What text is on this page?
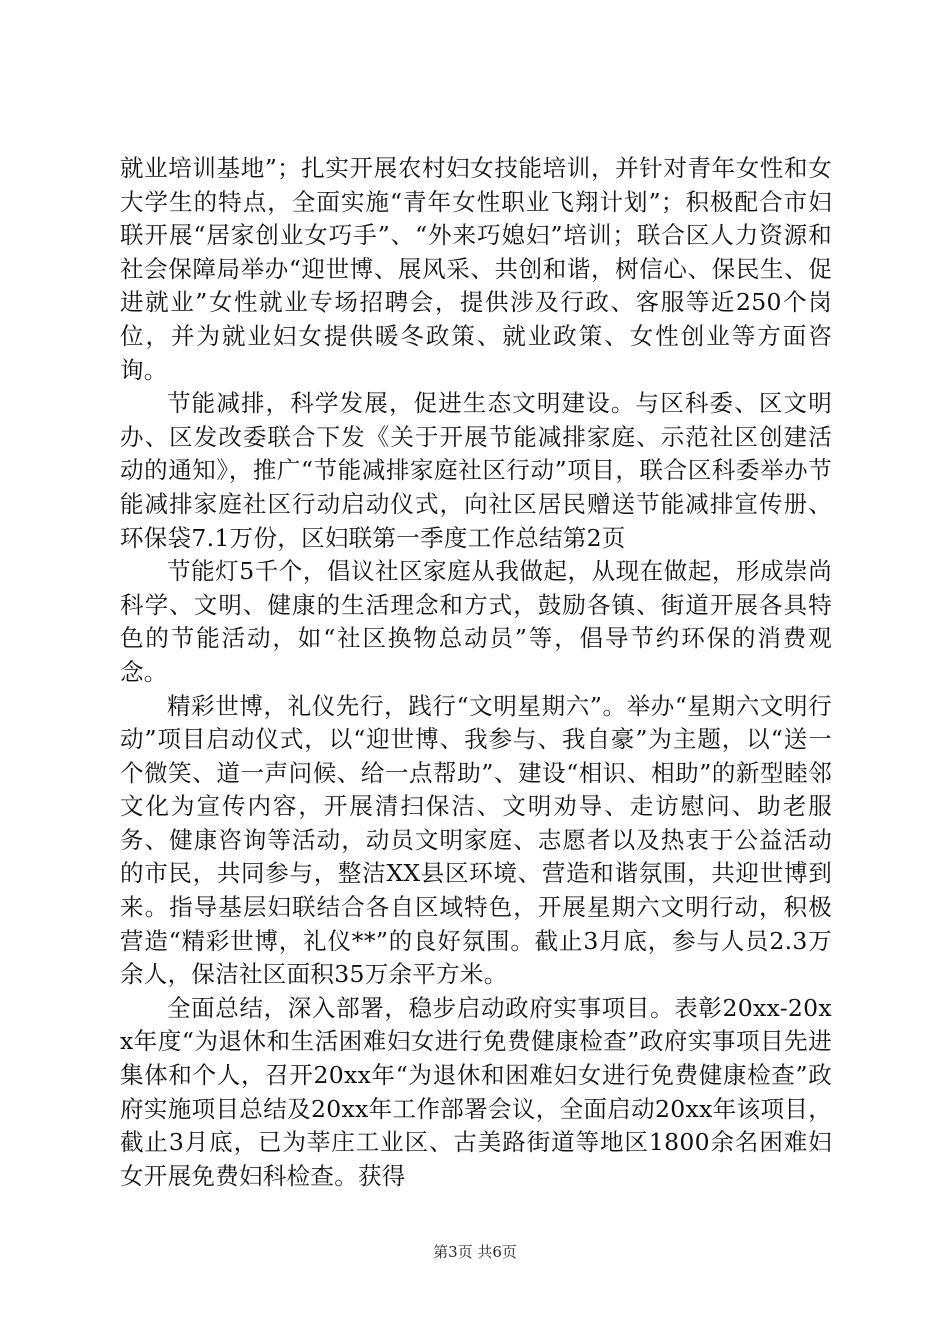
就业培训基地”；扎实开展农村妇女技能培训，并针对青年女性和女大学生的特点，全面实施“青年女性职业飞翔计划”；积极配合市妇联开展“居家创业女巧手”、“外来巧媳妇”培训；联合区人力资源和社会保障局举办“迎世博、展风采、共创和谐，树信心、保民生、促进就业”女性就业专场招聘会，提供涉及行政、客服等近250个岗位，并为就业妇女提供暖冬政策、就业政策、女性创业等方面咨询。

节能减排，科学发展，促进生态文明建设。与区科委、区文明办、区发改委联合下发《关于开展节能减排家庭、示范社区创建活动的通知》，推广“节能减排家庭社区行动”项目，联合区科委举办节能减排家庭社区行动启动仪式，向社区居民赠送节能减排宣传册、环保袋7.1万份，区妇联第一季度工作总结第2页

节能灯5千个，倡议社区家庭从我做起，从现在做起，形成崇尚科学、文明、健康的生活理念和方式，鼓励各镇、街道开展各具特色的节能活动，如“社区换物总动员”等，倡导节约环保的消费观念。

精彩世博，礼仪先行，践行“文明星期六”。举办“星期六文明行动”项目启动仪式，以“迎世博、我参与、我自豪”为主题，以“送一个微笑、道一声问候、给一点帮助”、建设“相识、相助”的新型睦邻文化为宣传内容，开展清扫保洁、文明劝导、走访慰问、助老服务、健康咨询等活动，动员文明家庭、志愿者以及热衷于公益活动的市民，共同参与，整洁XX县区环境、营造和谐氛围，共迎世博到来。指导基层妇联结合各自区域特色，开展星期六文明行动，积极营造“精彩世博，礼仪**”的良好氛围。截止3月底，参与人员2.3万余人，保洁社区面积35万余平方米。

全面总结，深入部署，稳步启动政府实事项目。表彰20xx-20xx年度“为退休和生活困难妇女进行免费健康检查”政府实事项目先进集体和个人，召开20xx年“为退休和困难妇女进行免费健康检查”政府实施项目总结及20xx年工作部署会议，全面启动20xx年该项目，截止3月底，已为莘庄工业区、古美路街道等地区1800余名困难妇女开展免费妇科检查。获得

第3页 共6页
